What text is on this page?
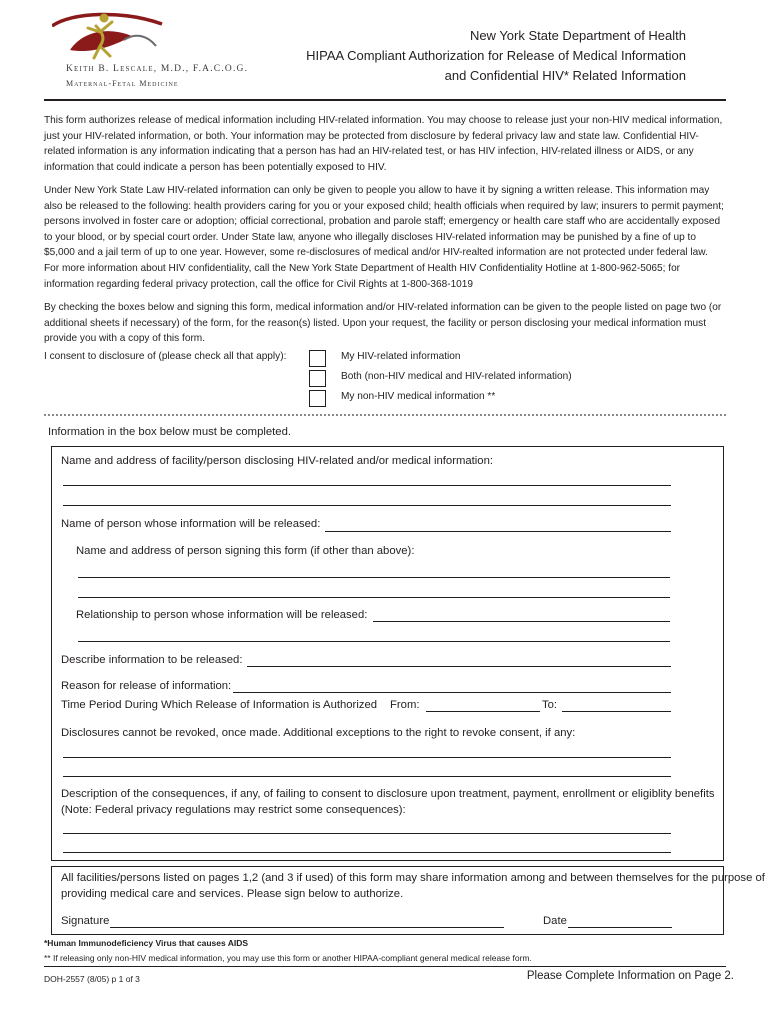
Keith B. Lescale, M.D., F.A.C.O.G.
Maternal-Fetal Medicine
New York State Department of Health
HIPAA Compliant Authorization for Release of Medical Information
and Confidential HIV* Related Information

This form authorizes release of medical information including HIV-related information. You may choose to release just your non-HIV medical information, just your HIV-related information, or both. Your information may be protected from disclosure by federal privacy law and state law. Confidential HIV-related information is any information indicating that a person has had an HIV-related test, or has HIV infection, HIV-related illness or AIDS, or any information that could indicate a person has been potentially exposed to HIV.

Under New York State Law HIV-related information can only be given to people you allow to have it by signing a written release. This information may also be released to the following: health providers caring for you or your exposed child; health officials when required by law; insurers to permit payment; persons involved in foster care or adoption; official correctional, probation and parole staff; emergency or health care staff who are accidentally exposed to your blood, or by special court order. Under State law, anyone who illegally discloses HIV-related information may be punished by a fine of up to $5,000 and a jail term of up to one year. However, some re-disclosures of medical and/or HIV-realted information are not protected under federal law. For more information about HIV confidentiality, call the New York State Department of Health HIV Confidentiality Hotline at 1-800-962-5065; for information regarding federal privacy protection, call the office for Civil Rights at 1-800-368-1019

By checking the boxes below and signing this form, medical information and/or HIV-related information can be given to the people listed on page two (or additional sheets if necessary) of the form, for the reason(s) listed. Upon your request, the facility or person disclosing your medical information must provide you with a copy of this form.

I consent to disclosure of (please check all that apply):	My HIV-related information
Both (non-HIV medical and HIV-related information)
My non-HIV medical information **
Information in the box below must be completed.
Name and address of facility/person disclosing HIV-related and/or medical information:
Name of person whose information will be released:
Name and address of person signing this form (if other than above):
Relationship to person whose information will be released:
Describe information to be released:
Reason for release of information:
Time Period During Which Release of Information is Authorized From:	To:
Disclosures cannot be revoked, once made. Additional exceptions to the right to revoke consent, if any:
Description of the consequences, if any, of failing to consent to disclosure upon treatment, payment, enrollment or eligiblity benefits
(Note: Federal privacy regulations may restrict some consequences):
All facilities/persons listed on pages 1,2 (and 3 if used) of this form may share information among and between themselves for the purpose of
providing medical care and services. Please sign below to authorize.
Signature	Date
*Human Immunodeficiency Virus that causes AIDS
** If releasing only non-HIV medical information, you may use this form or another HIPAA-compliant general medical release form.
DOH-2557 (8/05) p 1 of 3	Please Complete Information on Page 2.
